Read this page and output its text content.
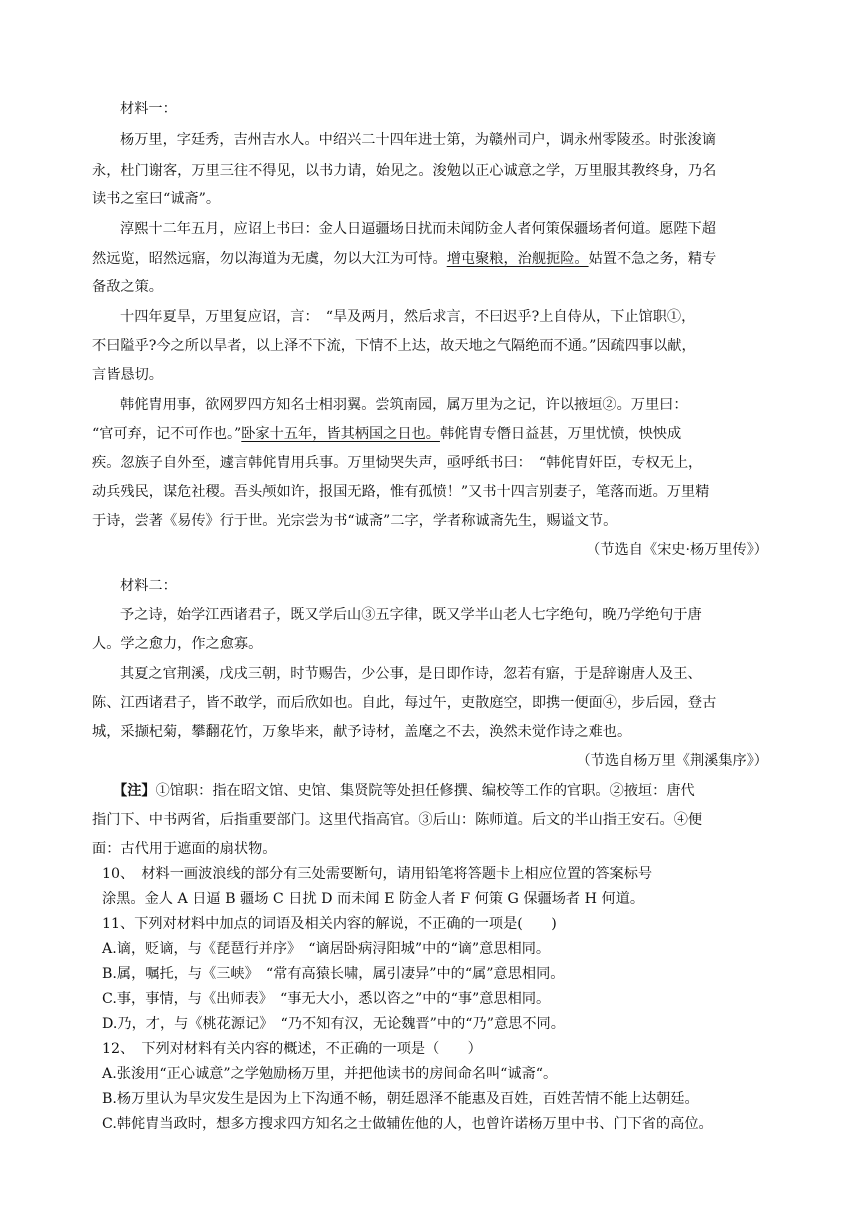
材料一：
杨万里，字廷秀，吉州吉水人。中绍兴二十四年进士第，为赣州司户，调永州零陵丞。时张浚谪
永，杜门谢客，万里三往不得见，以书力请，始见之。浚勉以正心诚意之学，万里服其教终身，乃名
读书之室曰“诚斋”。
淳熙十二年五月，应诏上书曰：金人日逼疆场日扰而未闻防金人者何策保疆场者何道。愿陛下超
然远览，昭然远寤，勿以海道为无虞，勿以大江为可恃。增屯聚粮，治舰扼险。姑置不急之务，精专
备敌之策。
十四年夏旱，万里复应诏，言：　“旱及两月，然后求言，不曰迟乎?上自侍从，下止馆职①，
不曰隘乎?今之所以旱者，以上泽不下流，下情不上达，故天地之气隔绝而不通。”因疏四事以献，
言皆恳切。
韩侂胄用事，欲网罗四方知名士相羽翼。尝筑南园，属万里为之记，许以掖垣②。万里曰：
“官可弃，记不可作也。”卧家十五年，皆其柄国之日也。韩侂胄专僭日益甚，万里忧愤，怏怏成
疾。忽族子自外至，遽言韩侂胄用兵事。万里恸哭失声，亟呼纸书曰：　“韩侂胄奸臣，专权无上，
动兵残民，谋危社稷。吾头颅如许，报国无路，惟有孤愤！”又书十四言别妻子，笔落而逝。万里精
于诗，尝著《易传》行于世。光宗尝为书“诚斋”二字，学者称诚斋先生，赐谥文节。
（节选自《宋史·杨万里传》）
材料二：
予之诗，始学江西诸君子，既又学后山③五字律，既又学半山老人七字绝句，晚乃学绝句于唐
人。学之愈力，作之愈寡。
其夏之官荆溪，戊戌三朝，时节赐告，少公事，是日即作诗，忽若有寤，于是辞谢唐人及王、
陈、江西诸君子，皆不敢学，而后欣如也。自此，每过午，吏散庭空，即携一便面④，步后园，登古
城，采撷杞菊，攀翻花竹，万象毕来，献予诗材，盖麾之不去，涣然未觉作诗之难也。
（节选自杨万里《荆溪集序》）
【注】①馆职：指在昭文馆、史馆、集贤院等处担任修撰、编校等工作的官职。②掖垣：唐代
指门下、中书两省，后指重要部门。这里代指高官。③后山：陈师道。后文的半山指王安石。④便
面：古代用于遮面的扇状物。
10、　材料一画波浪线的部分有三处需要断句，请用铅笔将答题卡上相应位置的答案标号
涂黑。金人 A 日逼 B 疆场 C 日扰 D 而未闻 E 防金人者 F 何策 G 保疆场者 H 何道。
11、下列对材料中加点的词语及相关内容的解说，不正确的一项是(　　)
A.谪，贬谪，与《琵琶行并序》　“谪居卧病浔阳城”中的“谪”意思相同。
B.属，嘱托，与《三峡》　“常有高猿长啸，属引凄异”中的“属”意思相同。
C.事，事情，与《出师表》　“事无大小，悉以咨之”中的“事”意思相同。
D.乃，才，与《桃花源记》　“乃不知有汉，无论魏晋”中的“乃”意思不同。
12、　下列对材料有关内容的概述，不正确的一项是（　　）
A.张浚用“正心诚意”之学勉励杨万里，并把他读书的房间命名叫“诚斋“。
B.杨万里认为旱灾发生是因为上下沟通不畅，朝廷恩泽不能惠及百姓，百姓苦情不能上达朝廷。
C.韩侂胄当政时，想多方搜求四方知名之士做辅佐他的人，也曾许诺杨万里中书、门下省的高位。
